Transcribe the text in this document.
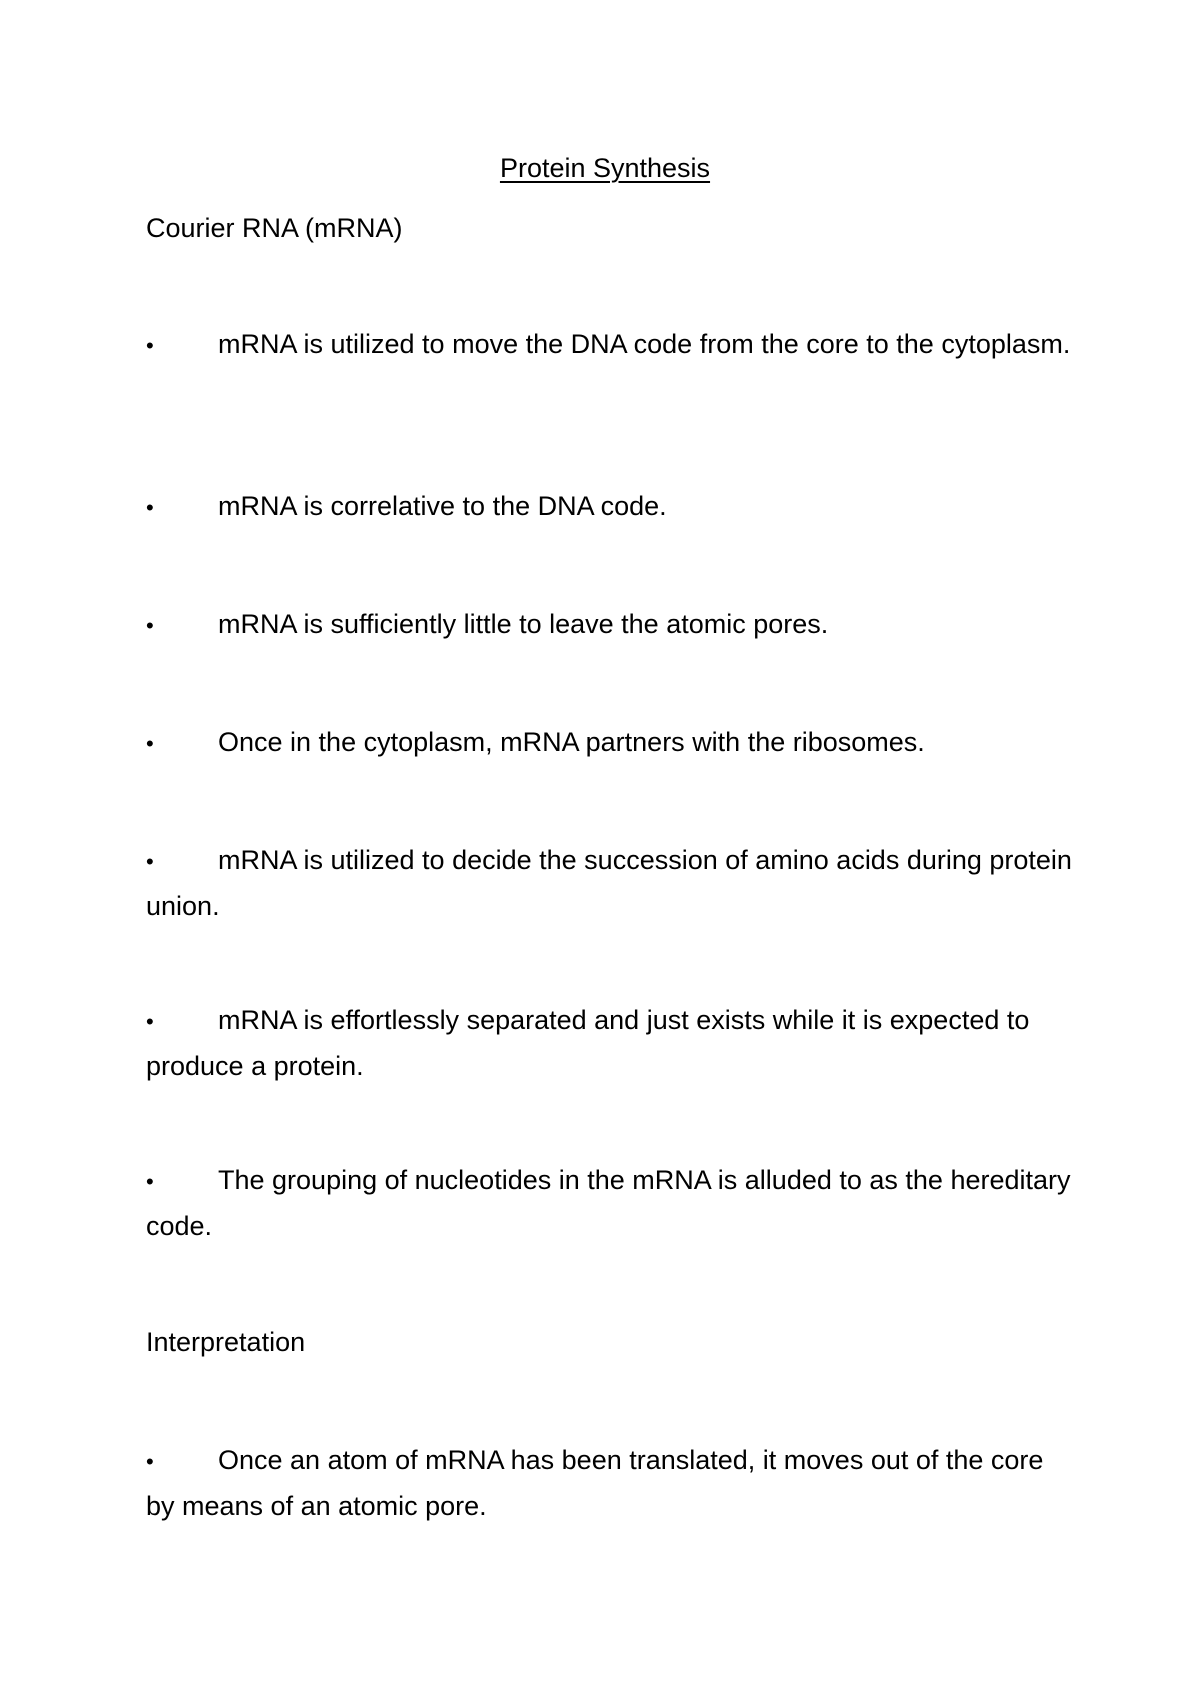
Protein Synthesis
Courier RNA (mRNA)
• mRNA is utilized to move the DNA code from the core to the cytoplasm.
• mRNA is correlative to the DNA code.
• mRNA is sufficiently little to leave the atomic pores.
• Once in the cytoplasm, mRNA partners with the ribosomes.
• mRNA is utilized to decide the succession of amino acids during protein union.
• mRNA is effortlessly separated and just exists while it is expected to produce a protein.
• The grouping of nucleotides in the mRNA is alluded to as the hereditary code.
Interpretation
• Once an atom of mRNA has been translated, it moves out of the core by means of an atomic pore.
